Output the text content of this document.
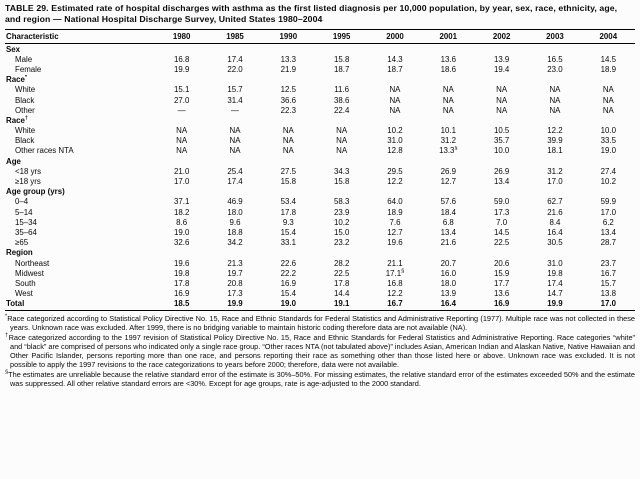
TABLE 29. Estimated rate of hospital discharges with asthma as the first listed diagnosis per 10,000 population, by year, sex, race, ethnicity, age, and region — National Hospital Discharge Survey, United States 1980–2004
Characteristic	1980	1985	1990	1995	2000	2001	2002	2003	2004
Sex									
Male	16.8	17.4	13.3	15.8	14.3	13.6	13.9	16.5	14.5
Female	19.9	22.0	21.9	18.7	18.7	18.6	19.4	23.0	18.9
Race*									
White	15.1	15.7	12.5	11.6	NA	NA	NA	NA	NA
Black	27.0	31.4	36.6	38.6	NA	NA	NA	NA	NA
Other	—	—	22.3	22.4	NA	NA	NA	NA	NA
Race†									
White	NA	NA	NA	NA	10.2	10.1	10.5	12.2	10.0
Black	NA	NA	NA	NA	31.0	31.2	35.7	39.9	33.5
Other races NTA	NA	NA	NA	NA	12.8	13.3§	10.0	18.1	19.0
Age									
<18 yrs	21.0	25.4	27.5	34.3	29.5	26.9	26.9	31.2	27.4
≥18 yrs	17.0	17.4	15.8	15.8	12.2	12.7	13.4	17.0	10.2
Age group (yrs)									
0–4	37.1	46.9	53.4	58.3	64.0	57.6	59.0	62.7	59.9
5–14	18.2	18.0	17.8	23.9	18.9	18.4	17.3	21.6	17.0
15–34	8.6	9.6	9.3	10.2	7.6	6.8	7.0	8.4	6.2
35–64	19.0	18.8	15.4	15.0	12.7	13.4	14.5	16.4	13.4
≥65	32.6	34.2	33.1	23.2	19.6	21.6	22.5	30.5	28.7
Region									
Northeast	19.6	21.3	22.6	28.2	21.1	20.7	20.6	31.0	23.7
Midwest	19.8	19.7	22.2	22.5	17.1§	16.0	15.9	19.8	16.7
South	17.8	20.8	16.9	17.8	16.8	18.0	17.7	17.4	15.7
West	16.9	17.3	15.4	14.4	12.2	13.9	13.6	14.7	13.8
Total	18.5	19.9	19.0	19.1	16.7	16.4	16.9	19.9	17.0

*Race categorized according to Statistical Policy Directive No. 15, Race and Ethnic Standards for Federal Statistics and Administrative Reporting (1977). Multiple race was not collected in these years. Unknown race was excluded. After 1999, there is no bridging variable to maintain historic coding therefore data are not available (NA).

†Race categorized according to the 1997 revision of Statistical Policy Directive No. 15, Race and Ethnic Standards for Federal Statistics and Administrative Reporting. Race categories “white” and “black” are comprised of persons who indicated only a single race group. “Other races NTA (not tabulated above)” includes Asian, American Indian and Alaskan Native, Native Hawaiian and Other Pacific Islander, persons reporting more than one race, and persons reporting their race as something other than those listed here or above. Unknown race was excluded. It is not possible to apply the 1997 revisions to the race categorizations to years before 2000; therefore, data were not available.

§The estimates are unreliable because the relative standard error of the estimate is 30%–50%. For missing estimates, the relative standard error of the estimates exceeded 50% and the estimate was suppressed. All other relative standard errors are <30%. Except for age groups, rate is age-adjusted to the 2000 standard.
